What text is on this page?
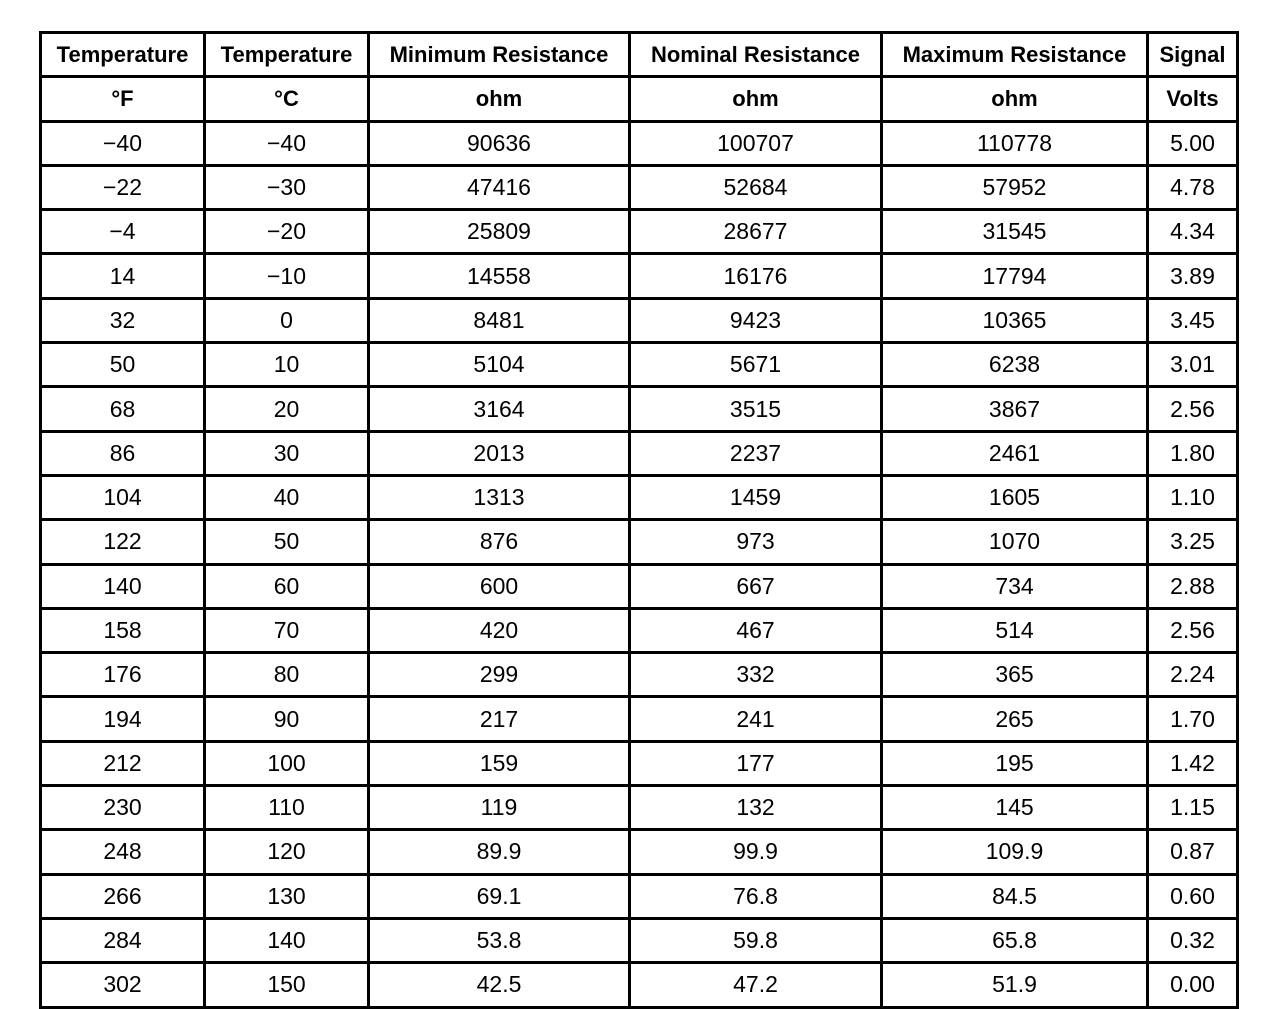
Temperature	Temperature	Minimum Resistance	Nominal Resistance	Maximum Resistance	Signal
°F	°C	ohm	ohm	ohm	Volts
−40	−40	90636	100707	110778	5.00
−22	−30	47416	52684	57952	4.78
−4	−20	25809	28677	31545	4.34
14	−10	14558	16176	17794	3.89
32	0	8481	9423	10365	3.45
50	10	5104	5671	6238	3.01
68	20	3164	3515	3867	2.56
86	30	2013	2237	2461	1.80
104	40	1313	1459	1605	1.10
122	50	876	973	1070	3.25
140	60	600	667	734	2.88
158	70	420	467	514	2.56
176	80	299	332	365	2.24
194	90	217	241	265	1.70
212	100	159	177	195	1.42
230	110	119	132	145	1.15
248	120	89.9	99.9	109.9	0.87
266	130	69.1	76.8	84.5	0.60
284	140	53.8	59.8	65.8	0.32
302	150	42.5	47.2	51.9	0.00
